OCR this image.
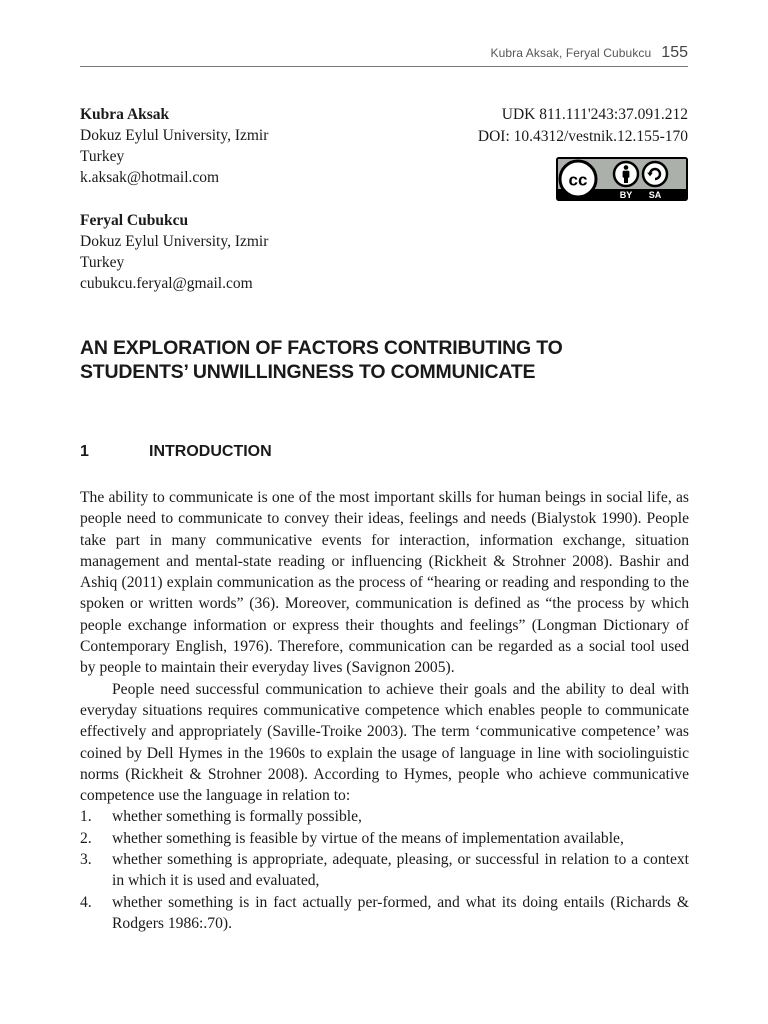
Kubra Aksak, Feryal Cubukcu 155
Kubra Aksak
Dokuz Eylul University, Izmir
Turkey
k.aksak@hotmail.com
Feryal Cubukcu
Dokuz Eylul University, Izmir
Turkey
cubukcu.feryal@gmail.com
UDK 811.111'243:37.091.212
DOI: 10.4312/vestnik.12.155-170
cc
BY SA
AN EXPLORATION OF FACTORS CONTRIBUTING TO
STUDENTS’ UNWILLINGNESS TO COMMUNICATE
1	INTRODUCTION

The ability to communicate is one of the most important skills for human beings in social life, as people need to communicate to convey their ideas, feelings and needs (Bialystok 1990). People take part in many communicative events for interaction, information exchange, situation management and mental-state reading or influencing (Rickheit & Strohner 2008). Bashir and Ashiq (2011) explain communication as the process of “hearing or reading and responding to the spoken or written words” (36). Moreover, communication is defined as “the process by which people exchange information or express their thoughts and feelings” (Longman Dictionary of Contemporary English, 1976). Therefore, communication can be regarded as a social tool used by people to maintain their everyday lives (Savignon 2005).

People need successful communication to achieve their goals and the ability to deal with everyday situations requires communicative competence which enables people to communicate effectively and appropriately (Saville-Troike 2003). The term ‘communicative competence’ was coined by Dell Hymes in the 1960s to explain the usage of language in line with sociolinguistic norms (Rickheit & Strohner 2008). According to Hymes, people who achieve communicative competence use the language in relation to:

1. whether something is formally possible,
2. whether something is feasible by virtue of the means of implementation available,
3. whether something is appropriate, adequate, pleasing, or successful in relation to a context in which it is used and evaluated,
4. whether something is in fact actually per-formed, and what its doing entails (Richards & Rodgers 1986:.70).
